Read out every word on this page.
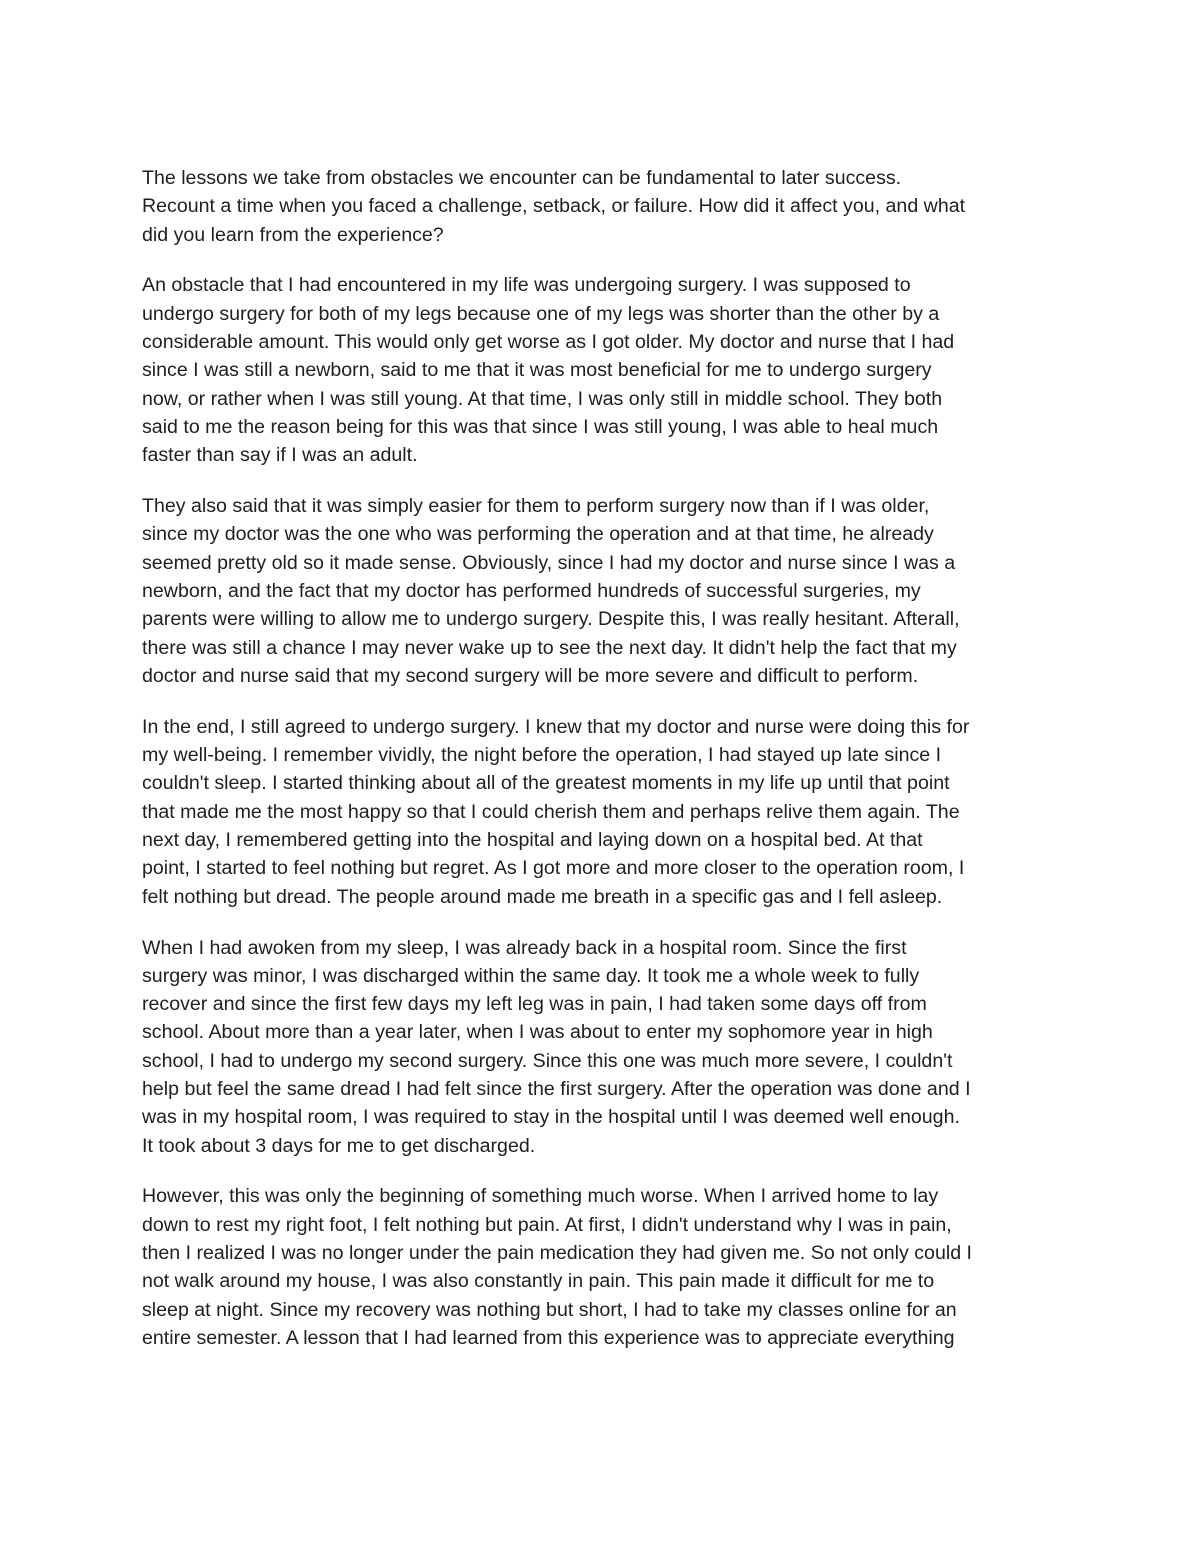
The lessons we take from obstacles we encounter can be fundamental to later success.
Recount a time when you faced a challenge, setback, or failure. How did it affect you, and what
did you learn from the experience?
An obstacle that I had encountered in my life was undergoing surgery. I was supposed to
undergo surgery for both of my legs because one of my legs was shorter than the other by a
considerable amount. This would only get worse as I got older. My doctor and nurse that I had
since I was still a newborn, said to me that it was most beneficial for me to undergo surgery
now, or rather when I was still young. At that time, I was only still in middle school. They both
said to me the reason being for this was that since I was still young, I was able to heal much
faster than say if I was an adult.
They also said that it was simply easier for them to perform surgery now than if I was older,
since my doctor was the one who was performing the operation and at that time, he already
seemed pretty old so it made sense. Obviously, since I had my doctor and nurse since I was a
newborn, and the fact that my doctor has performed hundreds of successful surgeries, my
parents were willing to allow me to undergo surgery. Despite this, I was really hesitant. Afterall,
there was still a chance I may never wake up to see the next day. It didn't help the fact that my
doctor and nurse said that my second surgery will be more severe and difficult to perform.
In the end, I still agreed to undergo surgery. I knew that my doctor and nurse were doing this for
my well-being. I remember vividly, the night before the operation, I had stayed up late since I
couldn't sleep. I started thinking about all of the greatest moments in my life up until that point
that made me the most happy so that I could cherish them and perhaps relive them again. The
next day, I remembered getting into the hospital and laying down on a hospital bed. At that
point, I started to feel nothing but regret. As I got more and more closer to the operation room, I
felt nothing but dread. The people around made me breath in a specific gas and I fell asleep.
When I had awoken from my sleep, I was already back in a hospital room. Since the first
surgery was minor, I was discharged within the same day. It took me a whole week to fully
recover and since the first few days my left leg was in pain, I had taken some days off from
school. About more than a year later, when I was about to enter my sophomore year in high
school, I had to undergo my second surgery. Since this one was much more severe, I couldn't
help but feel the same dread I had felt since the first surgery. After the operation was done and I
was in my hospital room, I was required to stay in the hospital until I was deemed well enough.
It took about 3 days for me to get discharged.
However, this was only the beginning of something much worse. When I arrived home to lay
down to rest my right foot, I felt nothing but pain. At first, I didn't understand why I was in pain,
then I realized I was no longer under the pain medication they had given me. So not only could I
not walk around my house, I was also constantly in pain. This pain made it difficult for me to
sleep at night. Since my recovery was nothing but short, I had to take my classes online for an
entire semester. A lesson that I had learned from this experience was to appreciate everything
